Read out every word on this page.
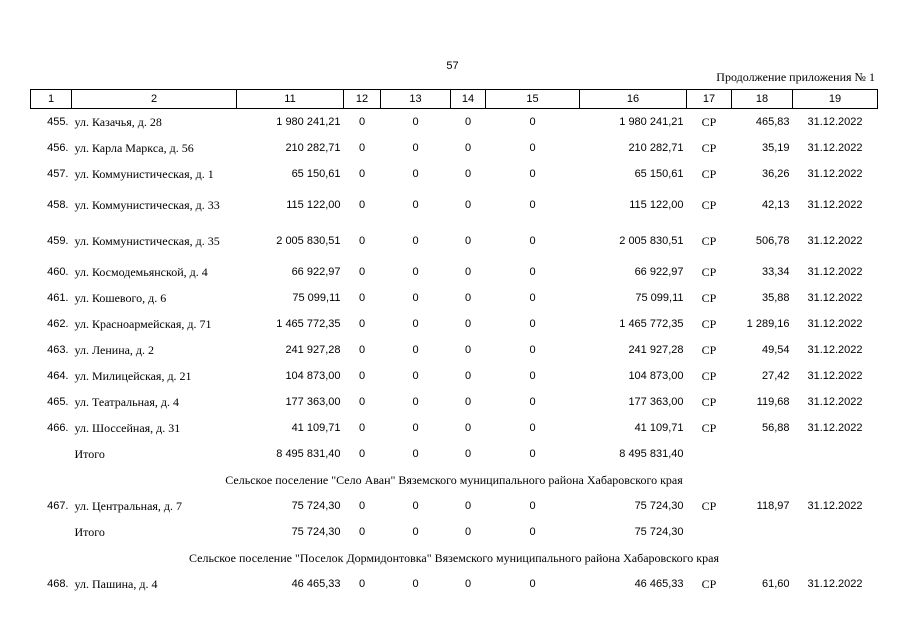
57
Продолжение приложения № 1
1	2	11	12	13	14	15	16	17	18	19
455.	ул. Казачья, д. 28	1 980 241,21	0	0	0	0	1 980 241,21	СР	465,83	31.12.2022
456.	ул. Карла Маркса, д. 56	210 282,71	0	0	0	0	210 282,71	СР	35,19	31.12.2022
457.	ул. Коммунистическая, д. 1	65 150,61	0	0	0	0	65 150,61	СР	36,26	31.12.2022
458.	ул. Коммунистическая, д. 33	115 122,00	0	0	0	0	115 122,00	СР	42,13	31.12.2022
459.	ул. Коммунистическая, д. 35	2 005 830,51	0	0	0	0	2 005 830,51	СР	506,78	31.12.2022
460.	ул. Космодемьянской, д. 4	66 922,97	0	0	0	0	66 922,97	СР	33,34	31.12.2022
461.	ул. Кошевого, д. 6	75 099,11	0	0	0	0	75 099,11	СР	35,88	31.12.2022
462.	ул. Красноармейская, д. 71	1 465 772,35	0	0	0	0	1 465 772,35	СР	1 289,16	31.12.2022
463.	ул. Ленина, д. 2	241 927,28	0	0	0	0	241 927,28	СР	49,54	31.12.2022
464.	ул. Милицейская, д. 21	104 873,00	0	0	0	0	104 873,00	СР	27,42	31.12.2022
465.	ул. Театральная, д. 4	177 363,00	0	0	0	0	177 363,00	СР	119,68	31.12.2022
466.	ул. Шоссейная, д. 31	41 109,71	0	0	0	0	41 109,71	СР	56,88	31.12.2022
	Итого	8 495 831,40	0	0	0	0	8 495 831,40			
Сельское поселение "Село Аван" Вяземского муниципального района Хабаровского края										
467.	ул. Центральная, д. 7	75 724,30	0	0	0	0	75 724,30	СР	118,97	31.12.2022
	Итого	75 724,30	0	0	0	0	75 724,30			
Сельское поселение "Поселок Дормидонтовка" Вяземского муниципального района Хабаровского края										
468.	ул. Пашина, д. 4	46 465,33	0	0	0	0	46 465,33	СР	61,60	31.12.2022
